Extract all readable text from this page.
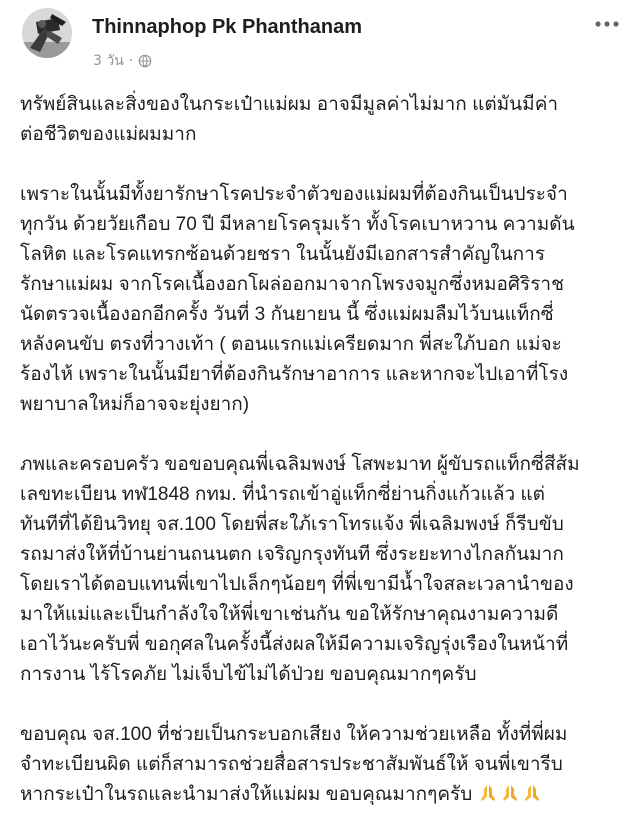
Thinnaphop Pk Phanthanam
3 วัน ·

ทรัพย์สินและสิ่งของในกระเป๋าแม่ผม อาจมีมูลค่าไม่มาก แต่มันมีค่า
ต่อชีวิตของแม่ผมมาก

เพราะในนั้นมีทั้งยารักษาโรคประจำตัวของแม่ผมที่ต้องกินเป็นประจำ
ทุกวัน ด้วยวัยเกือบ 70 ปี มีหลายโรครุมเร้า ทั้งโรคเบาหวาน ความดัน
โลหิต และโรคแทรกซ้อนด้วยชรา ในนั้นยังมีเอกสารสำคัญในการ
รักษาแม่ผม จากโรคเนื้องอกโผล่ออกมาจากโพรงจมูกซึ่งหมอศิริราช
นัดตรวจเนื้องอกอีกครั้ง วันที่ 3 กันยายน นี้ ซึ่งแม่ผมลืมไว้บนแท็กซี่
หลังคนขับ ตรงที่วางเท้า ( ตอนแรกแม่เครียดมาก พี่สะใภ้บอก แม่จะ
ร้องไห้ เพราะในนั้นมียาที่ต้องกินรักษาอาการ และหากจะไปเอาที่โรง
พยาบาลใหม่ก็อาจจะยุ่งยาก)

ภพและครอบครัว ขอขอบคุณพี่เฉลิมพงษ์ โสพะมาท ผู้ขับรถแท็กซี่สีส้ม
เลขทะเบียน ทฬ1848 กทม. ที่นำรถเข้าอู่แท็กซี่ย่านกิ่งแก้วแล้ว แต่
ทันทีที่ได้ยินวิทยุ จส.100 โดยพี่สะใภ้เราโทรแจ้ง พี่เฉลิมพงษ์ ก็รีบขับ
รถมาส่งให้ที่บ้านย่านถนนตก เจริญกรุงทันที ซึ่งระยะทางไกลกันมาก
โดยเราได้ตอบแทนพี่เขาไปเล็กๆน้อยๆ ที่พี่เขามีน้ำใจสละเวลานำของ
มาให้แม่และเป็นกำลังใจให้พี่เขาเช่นกัน ขอให้รักษาคุณงามความดี
เอาไว้นะครับพี่ ขอกุศลในครั้งนี้ส่งผลให้มีความเจริญรุ่งเรืองในหน้าที่
การงาน ไร้โรคภัย ไม่เจ็บไข้ไม่ได้ป่วย ขอบคุณมากๆครับ

ขอบคุณ จส.100 ที่ช่วยเป็นกระบอกเสียง ให้ความช่วยเหลือ ทั้งที่พี่ผม
จำทะเบียนผิด แต่ก็สามารถช่วยสื่อสารประชาสัมพันธ์ให้ จนพี่เขารีบ
หากระเป๋าในรถและนำมาส่งให้แม่ผม ขอบคุณมากๆครับ
